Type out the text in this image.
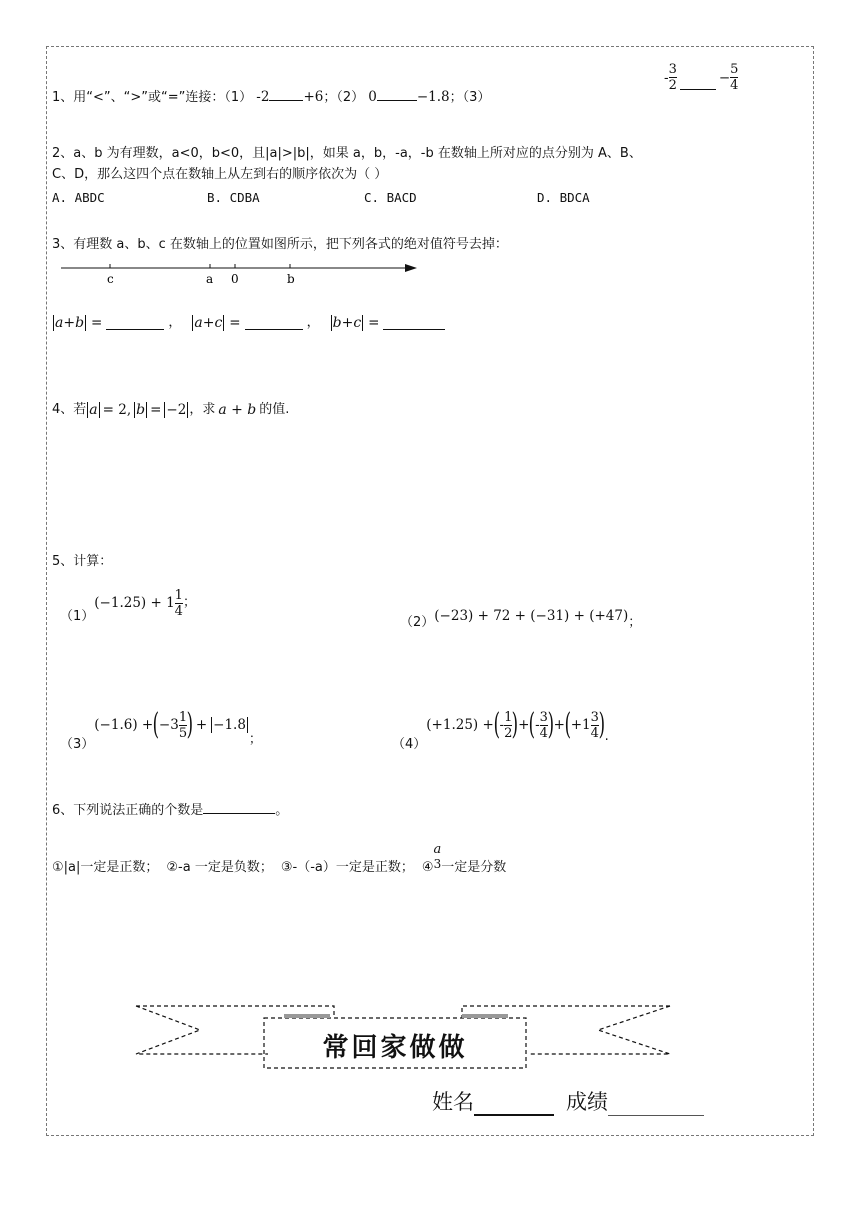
1、用“<”、“>”或“=”连接：（1） -2	+6；（2） 0	−1.8；（3）
- $\frac{3}{2}$	− $\frac{5}{4}$
2、a、b 为有理数，a<0，b<0，且|a|>|b|，如果 a，b，-a，-b 在数轴上所对应的点分别为 A、B、
C、D，那么这四个点在数轴上从左到右的顺序依次为（ ）
A. ABDC	B. CDBA	C. BACD	D. BDCA
3、有理数 a、b、c 在数轴上的位置如图所示，把下列各式的绝对值符号去掉：
c	a 0	b
a+b =	， a+c =	， b+c =
4、若 a = 2, b = −2 ，求 a + b 的值.
5、计算：
（1）
$(-1.25) + 1 \frac{1}{4}$ ；
（2） (−23) + 72 + (−31) + (+47) ；
（3）
(−1.6) + ( $-3 \frac{1}{5}$ ) + −1.8
；	（4）
(+1.25) + ( - $\frac{1}{2}$ ) + ( - $\frac{3}{4}$ ) + ( $+1 \frac{3}{4}$ ) .
6、下列说法正确的个数是	。
①|a|一定是正数； ②-a 一定是负数； ③-（-a）一定是正数； ④
a
3 一定是分数
常回家做做
姓名	成绩
